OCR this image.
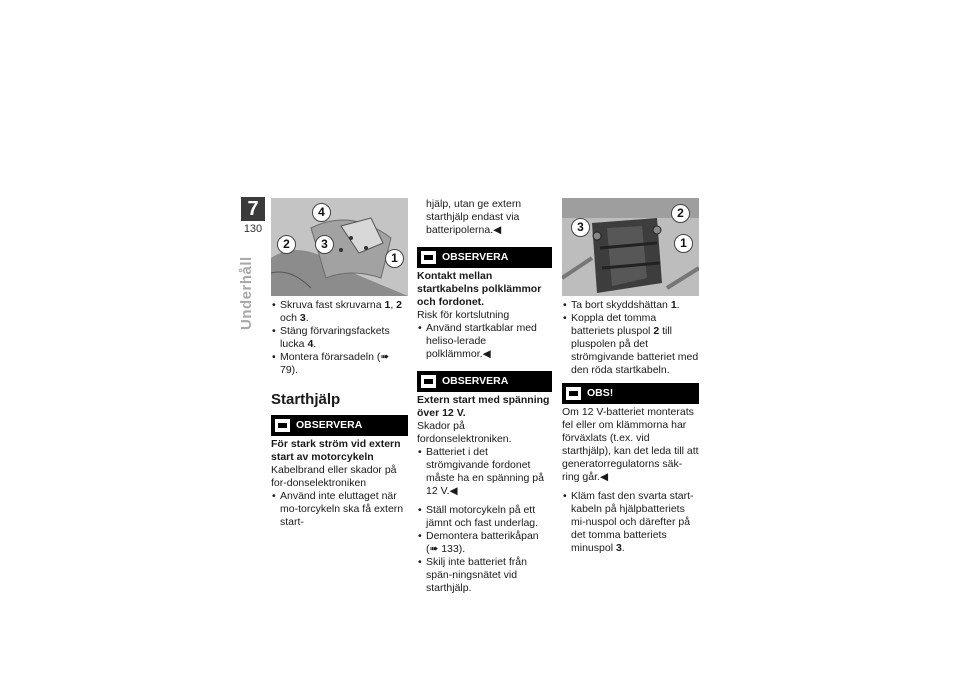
7
130
Underhåll
4
2	3
1
• Skruva fast skruvarna 1, 2
och 3.
• Stäng förvaringsfackets lucka 4.
• Montera förarsadeln (➠ 79).
Starthjälp
OBSERVERA
För stark ström vid extern start av motorcykeln
Kabelbrand eller skador på for-donselektroniken
• Använd inte eluttaget när mo-torcykeln ska få extern start-
hjälp, utan ge extern starthjälp endast via batteripolerna.◀
OBSERVERA
Kontakt mellan startkabelns polklämmor och fordonet.
Risk för kortslutning
• Använd startkablar med heliso-lerade polklämmor.◀
OBSERVERA
Extern start med spänning över 12 V.
Skador på fordonselektroniken.
• Batteriet i det strömgivande fordonet måste ha en spänning på 12 V.◀
• Ställ motorcykeln på ett jämnt och fast underlag.
• Demontera batterikåpan (➠ 133).
• Skilj inte batteriet från spän-ningsnätet vid starthjälp.
3
2
1
• Ta bort skyddshättan 1.
• Koppla det tomma batteriets pluspol 2 till pluspolen på det strömgivande batteriet med den röda startkabeln.
OBS!
Om 12 V-batteriet monterats fel eller om klämmorna har förväxlats (t.ex. vid starthjälp), kan det leda till att generatorregulatorns säk-ring går.◀
• Kläm fast den svarta start-kabeln på hjälpbatteriets mi-nuspol och därefter på det tomma batteriets minuspol 3.
